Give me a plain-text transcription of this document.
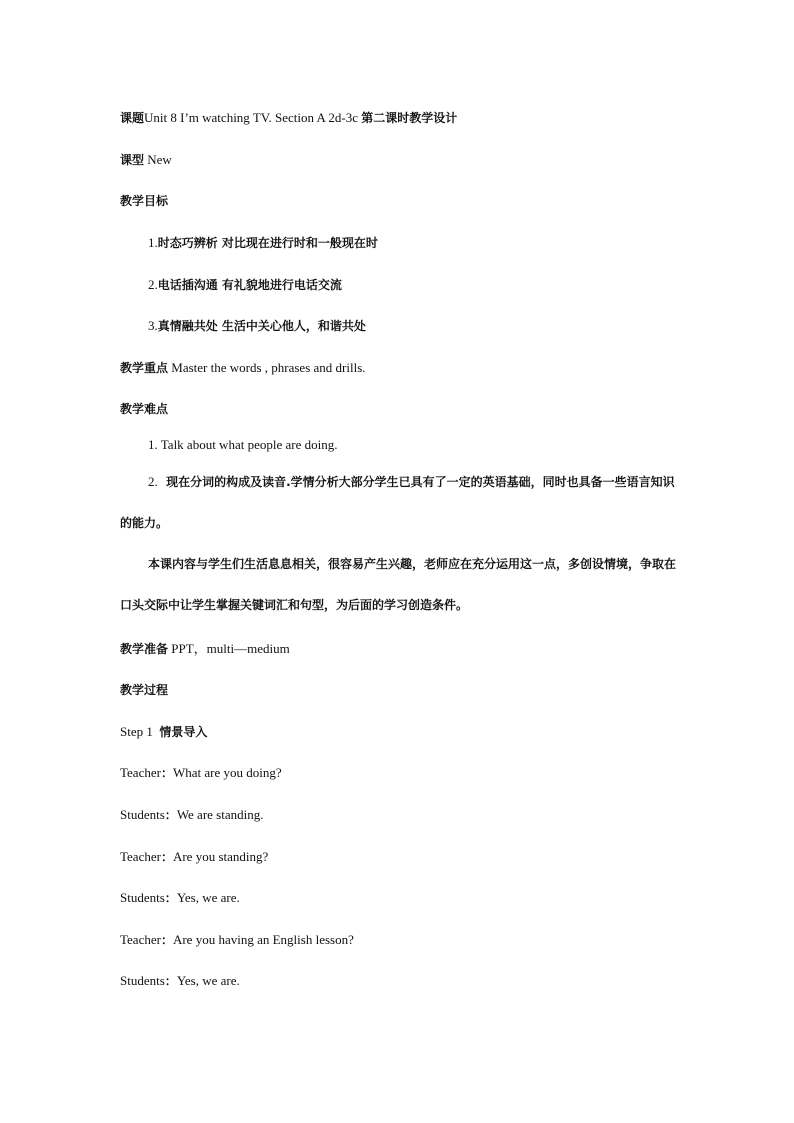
课题Unit 8 I’m watching TV. Section A 2d-3c 第二课时教学设计
课型 New
教学目标
1.时态巧辨析 对比现在进行时和一般现在时
2.电话插沟通 有礼貌地进行电话交流
3.真情融共处 生活中关心他人，和谐共处
教学重点 Master the words , phrases and drills.
教学难点
1. Talk about what people are doing.
2. 现在分词的构成及读音.学情分析大部分学生已具有了一定的英语基础，同时也具备一些语言知识的能力。
本课内容与学生们生活息息相关，很容易产生兴趣，老师应在充分运用这一点，多创设情境，争取在口头交际中让学生掌握关键词汇和句型，为后面的学习创造条件。
教学准备 PPT，multi—medium
教学过程
Step 1 情景导入
Teacher：What are you doing?
Students：We are standing.
Teacher：Are you standing?
Students：Yes, we are.
Teacher：Are you having an English lesson?
Students：Yes, we are.
